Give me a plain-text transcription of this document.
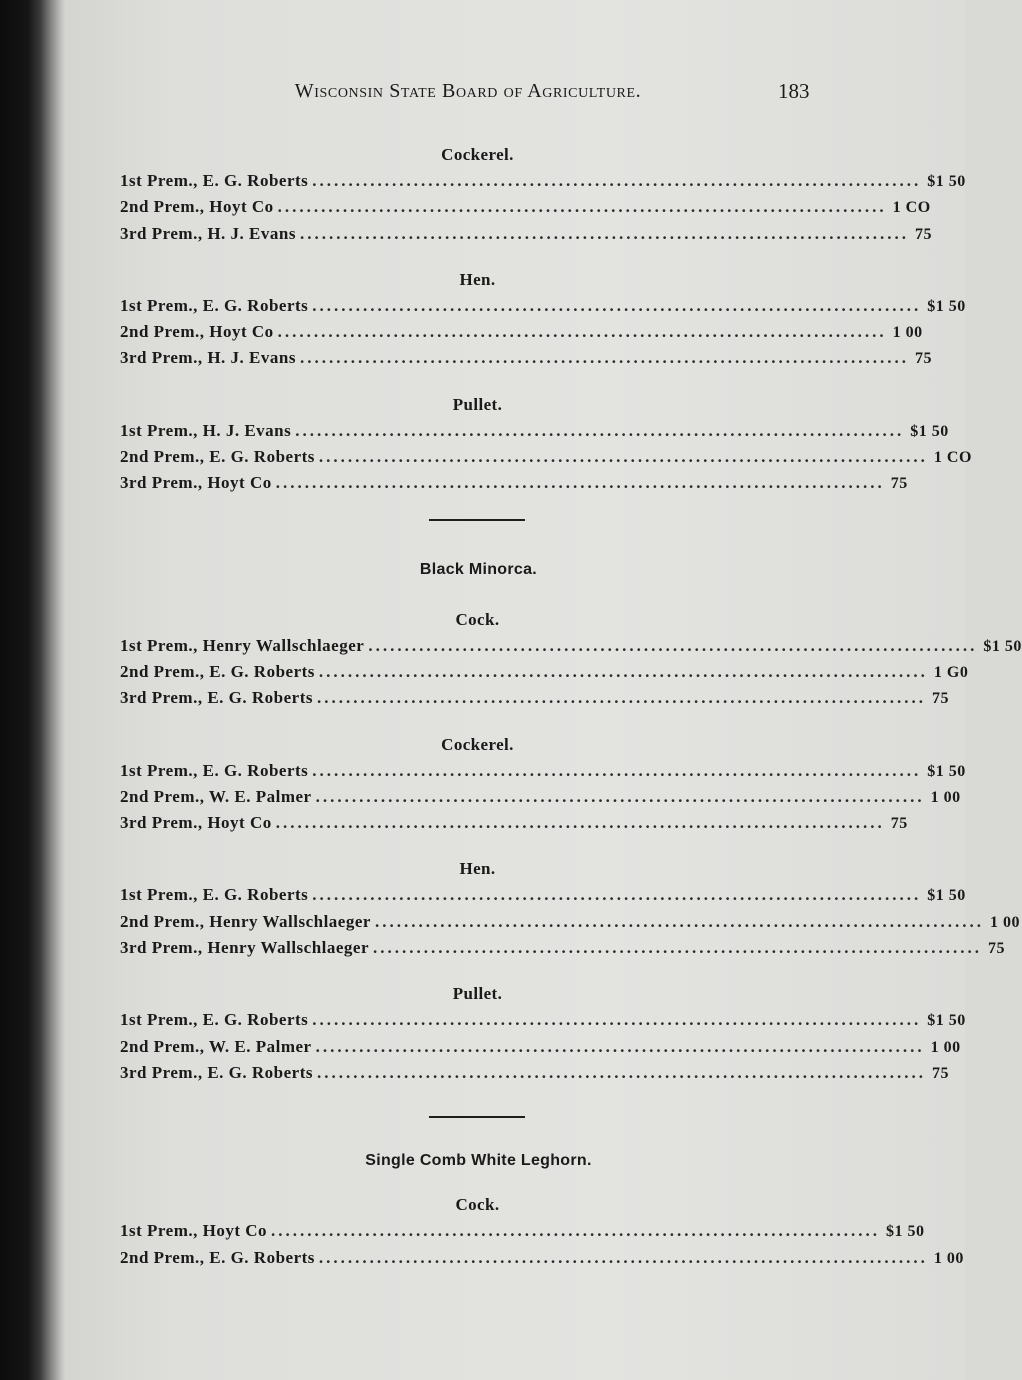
Wisconsin State Board of Agriculture.	183
Cockerel.
1st Prem., E. G. Roberts .................................................................................... $1 50
2nd Prem., Hoyt Co .................................................................................... 1 CO
3rd Prem., H. J. Evans .................................................................................... 75
Hen.
1st Prem., E. G. Roberts .................................................................................... $1 50
2nd Prem., Hoyt Co .................................................................................... 1 00
3rd Prem., H. J. Evans .................................................................................... 75
Pullet.
1st Prem., H. J. Evans .................................................................................... $1 50
2nd Prem., E. G. Roberts .................................................................................... 1 CO
3rd Prem., Hoyt Co .................................................................................... 75
Black Minorca.
Cock.
1st Prem., Henry Wallschlaeger .................................................................................... $1 50
2nd Prem., E. G. Roberts .................................................................................... 1 G0
3rd Prem., E. G. Roberts .................................................................................... 75
Cockerel.
1st Prem., E. G. Roberts .................................................................................... $1 50
2nd Prem., W. E. Palmer .................................................................................... 1 00
3rd Prem., Hoyt Co .................................................................................... 75
Hen.
1st Prem., E. G. Roberts .................................................................................... $1 50
2nd Prem., Henry Wallschlaeger .................................................................................... 1 00
3rd Prem., Henry Wallschlaeger .................................................................................... 75
Pullet.
1st Prem., E. G. Roberts .................................................................................... $1 50
2nd Prem., W. E. Palmer .................................................................................... 1 00
3rd Prem., E. G. Roberts .................................................................................... 75
Single Comb White Leghorn.
Cock.
1st Prem., Hoyt Co .................................................................................... $1 50
2nd Prem., E. G. Roberts .................................................................................... 1 00
